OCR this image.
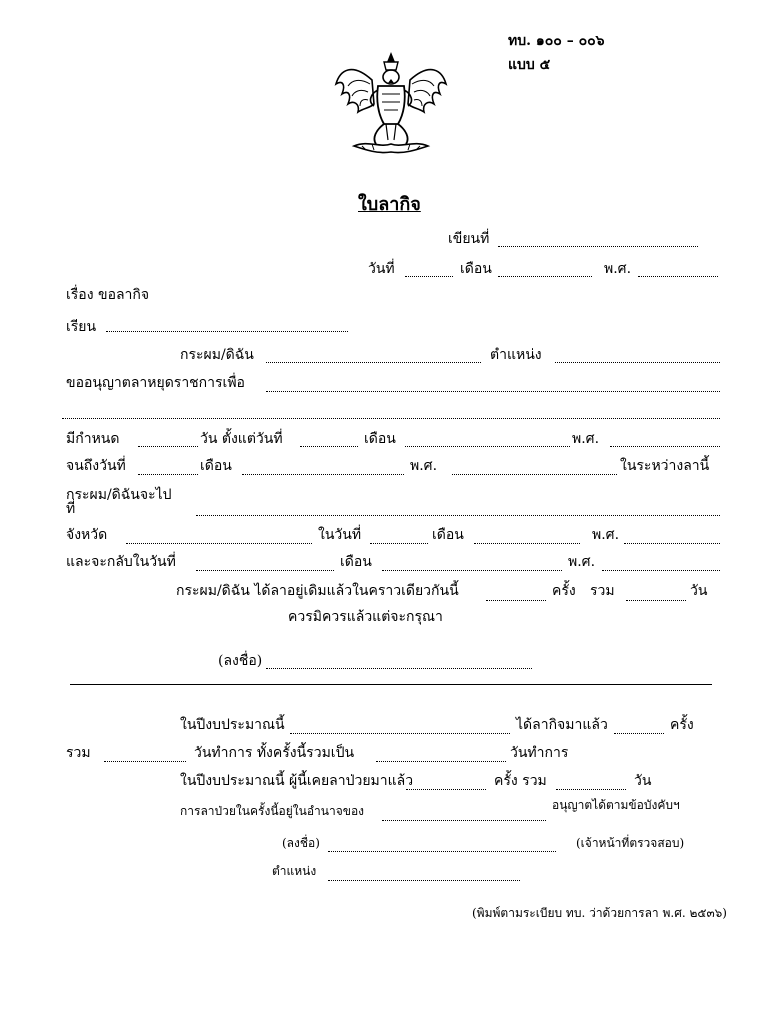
ทบ. ๑๐๐ – ๐๐๖
แบบ ๕
ใบลากิจ
เขียนที่
วันที่	เดือน	พ.ศ.
เรื่อง ขอลากิจ
เรียน
กระผม/ดิฉัน	ตำแหน่ง
ขออนุญาตลาหยุดราชการเพื่อ
มีกำหนด	วัน ตั้งแต่วันที่	เดือน	พ.ศ.
จนถึงวันที่	เดือน	พ.ศ.	ในระหว่างลานี้
กระผม/ดิฉันจะไป
ที่
จังหวัด	ในวันที่	เดือน	พ.ศ.
และจะกลับในวันที่	เดือน	พ.ศ.
กระผม/ดิฉัน ได้ลาอยู่เดิมแล้วในคราวเดียวกันนี้	ครั้ง รวม	วัน
ควรมิควรแล้วแต่จะกรุณา
(ลงชื่อ)
ในปีงบประมาณนี้	ได้ลากิจมาแล้ว	ครั้ง
รวม	วันทำการ ทั้งครั้งนี้รวมเป็น	วันทำการ
ในปีงบประมาณนี้ ผู้นี้เคยลาป่วยมาแล้ว	ครั้ง รวม	วัน
การลาป่วยในครั้งนี้อยู่ในอำนาจของ	อนุญาตได้ตามข้อบังคับฯ
(ลงชื่อ)	(เจ้าหน้าที่ตรวจสอบ)
ตำแหน่ง
(พิมพ์ตามระเบียบ ทบ. ว่าด้วยการลา พ.ศ. ๒๕๓๖)
